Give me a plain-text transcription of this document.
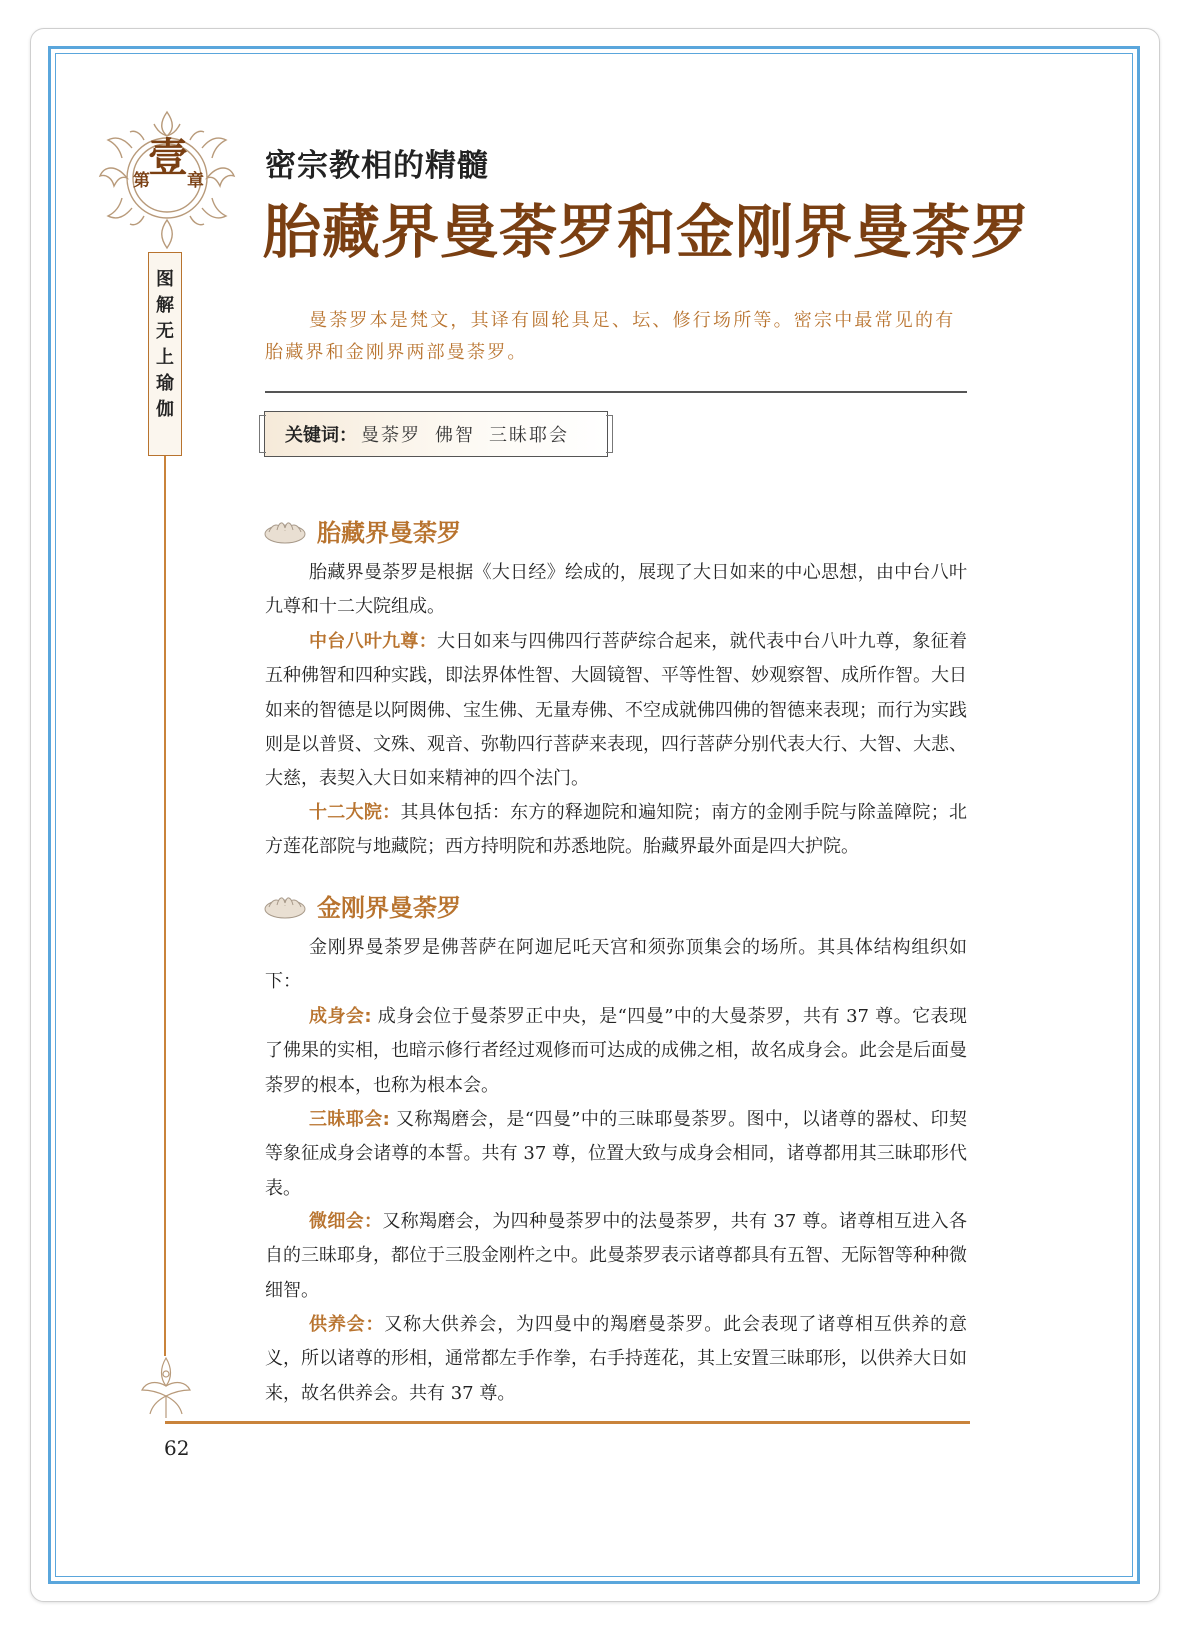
第
壹 章
图
解
无
上
瑜
伽
密宗教相的精髓
胎藏界曼荼罗和金刚界曼荼罗

曼荼罗本是梵文，其译有圆轮具足、坛、修行场所等。密宗中最常见的有胎藏界和金刚界两部曼荼罗。

关键词： 曼荼罗 佛智 三昧耶会
胎藏界曼荼罗

胎藏界曼荼罗是根据《大日经》绘成的，展现了大日如来的中心思想，由中台八叶九尊和十二大院组成。

中台八叶九尊：大日如来与四佛四行菩萨综合起来，就代表中台八叶九尊，象征着五种佛智和四种实践，即法界体性智、大圆镜智、平等性智、妙观察智、成所作智。大日如来的智德是以阿閦佛、宝生佛、无量寿佛、不空成就佛四佛的智德来表现；而行为实践则是以普贤、文殊、观音、弥勒四行菩萨来表现，四行菩萨分别代表大行、大智、大悲、大慈，表契入大日如来精神的四个法门。

十二大院：其具体包括：东方的释迦院和遍知院；南方的金刚手院与除盖障院；北方莲花部院与地藏院；西方持明院和苏悉地院。胎藏界最外面是四大护院。

金刚界曼荼罗

金刚界曼荼罗是佛菩萨在阿迦尼吒天宫和须弥顶集会的场所。其具体结构组织如下：

成身会: 成身会位于曼荼罗正中央，是“四曼”中的大曼荼罗，共有 37 尊。它表现了佛果的实相，也暗示修行者经过观修而可达成的成佛之相，故名成身会。此会是后面曼荼罗的根本，也称为根本会。

三昧耶会: 又称羯磨会，是“四曼”中的三昧耶曼荼罗。图中，以诸尊的器杖、印契等象征成身会诸尊的本誓。共有 37 尊，位置大致与成身会相同，诸尊都用其三昧耶形代表。

微细会：又称羯磨会，为四种曼荼罗中的法曼荼罗，共有 37 尊。诸尊相互进入各自的三昧耶身，都位于三股金刚杵之中。此曼荼罗表示诸尊都具有五智、无际智等种种微细智。

供养会：又称大供养会，为四曼中的羯磨曼荼罗。此会表现了诸尊相互供养的意义，所以诸尊的形相，通常都左手作拳，右手持莲花，其上安置三昧耶形，以供养大日如来，故名供养会。共有 37 尊。

62
